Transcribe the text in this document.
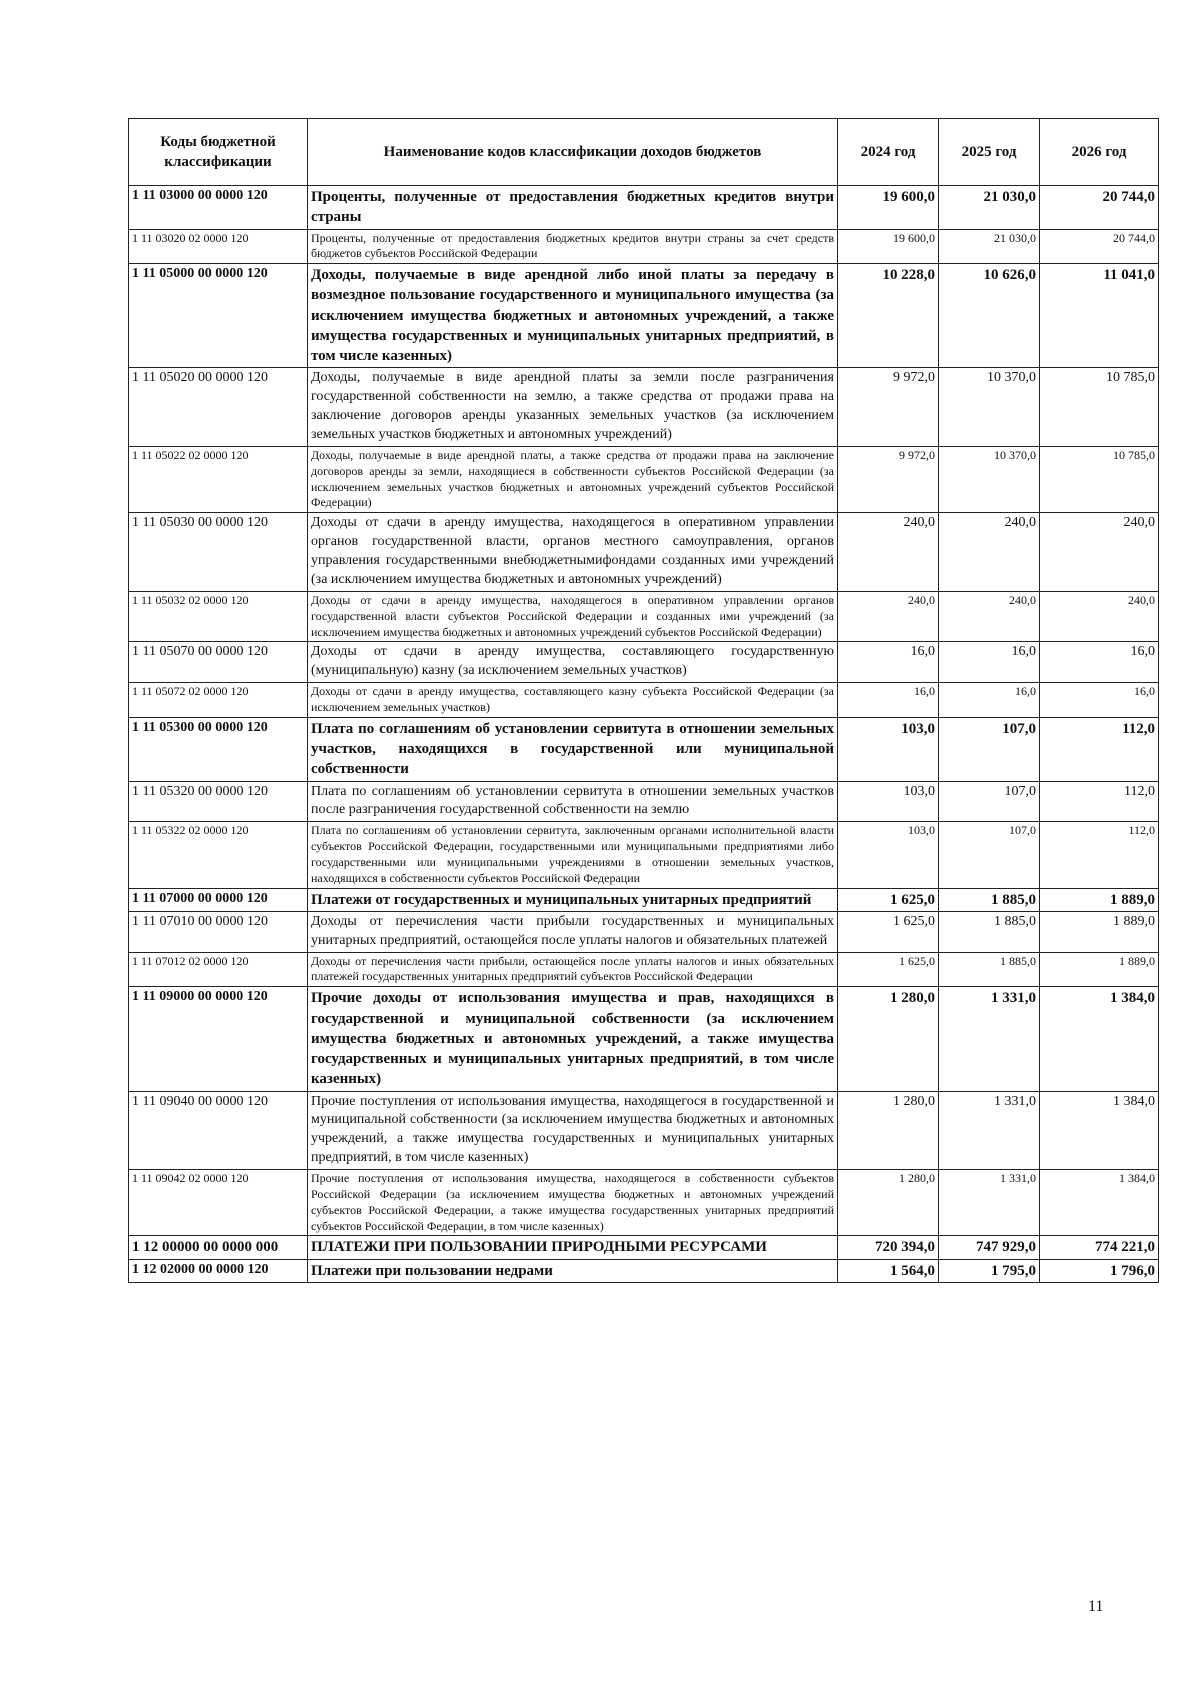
Коды бюджетной классификации	Наименование кодов классификации доходов бюджетов	2024 год	2025 год	2026 год
1 11 03000 00 0000 120	Проценты, полученные от предоставления бюджетных кредитов внутри страны	19 600,0	21 030,0	20 744,0
1 11 03020 02 0000 120	Проценты, полученные от предоставления бюджетных кредитов внутри страны за счет средств бюджетов субъектов Российской Федерации	19 600,0	21 030,0	20 744,0
1 11 05000 00 0000 120	Доходы, получаемые в виде арендной либо иной платы за передачу в возмездное пользование государственного и муниципального имущества (за исключением имущества бюджетных и автономных учреждений, а также имущества государственных и муниципальных унитарных предприятий, в том числе казенных)	10 228,0	10 626,0	11 041,0
1 11 05020 00 0000 120	Доходы, получаемые в виде арендной платы за земли после разграничения государственной собственности на землю, а также средства от продажи права на заключение договоров аренды указанных земельных участков (за исключением земельных участков бюджетных и автономных учреждений)	9 972,0	10 370,0	10 785,0
1 11 05022 02 0000 120	Доходы, получаемые в виде арендной платы, а также средства от продажи права на заключение договоров аренды за земли, находящиеся в собственности субъектов Российской Федерации (за исключением земельных участков бюджетных и автономных учреждений субъектов Российской Федерации)	9 972,0	10 370,0	10 785,0
1 11 05030 00 0000 120	Доходы от сдачи в аренду имущества, находящегося в оперативном управлении органов государственной власти, органов местного самоуправления, органов управления государственными внебюджетнымифондами созданных ими учреждений (за исключением имущества бюджетных и автономных учреждений)	240,0	240,0	240,0
1 11 05032 02 0000 120	Доходы от сдачи в аренду имущества, находящегося в оперативном управлении органов государственной власти субъектов Российской Федерации и созданных ими учреждений (за исключением имущества бюджетных и автономных учреждений субъектов Российской Федерации)	240,0	240,0	240,0
1 11 05070 00 0000 120	Доходы от сдачи в аренду имущества, составляющего государственную (муниципальную) казну (за исключением земельных участков)	16,0	16,0	16,0
1 11 05072 02 0000 120	Доходы от сдачи в аренду имущества, составляющего казну субъекта Российской Федерации (за исключением земельных участков)	16,0	16,0	16,0
1 11 05300 00 0000 120	Плата по соглашениям об установлении сервитута в отношении земельных участков, находящихся в государственной или муниципальной собственности	103,0	107,0	112,0
1 11 05320 00 0000 120	Плата по соглашениям об установлении сервитута в отношении земельных участков после разграничения государственной собственности на землю	103,0	107,0	112,0
1 11 05322 02 0000 120	Плата по соглашениям об установлении сервитута, заключенным органами исполнительной власти субъектов Российской Федерации, государственными или муниципальными предприятиями либо государственными или муниципальными учреждениями в отношении земельных участков, находящихся в собственности субъектов Российской Федерации	103,0	107,0	112,0
1 11 07000 00 0000 120	Платежи от государственных и муниципальных унитарных предприятий	1 625,0	1 885,0	1 889,0
1 11 07010 00 0000 120	Доходы от перечисления части прибыли государственных и муниципальных унитарных предприятий, остающейся после уплаты налогов и обязательных платежей	1 625,0	1 885,0	1 889,0
1 11 07012 02 0000 120	Доходы от перечисления части прибыли, остающейся после уплаты налогов и иных обязательных платежей государственных унитарных предприятий субъектов Российской Федерации	1 625,0	1 885,0	1 889,0
1 11 09000 00 0000 120	Прочие доходы от использования имущества и прав, находящихся в государственной и муниципальной собственности (за исключением имущества бюджетных и автономных учреждений, а также имущества государственных и муниципальных унитарных предприятий, в том числе казенных)	1 280,0	1 331,0	1 384,0
1 11 09040 00 0000 120	Прочие поступления от использования имущества, находящегося в государственной и муниципальной собственности (за исключением имущества бюджетных и автономных учреждений, а также имущества государственных и муниципальных унитарных предприятий, в том числе казенных)	1 280,0	1 331,0	1 384,0
1 11 09042 02 0000 120	Прочие поступления от использования имущества, находящегося в собственности субъектов Российской Федерации (за исключением имущества бюджетных и автономных учреждений субъектов Российской Федерации, а также имущества государственных унитарных предприятий субъектов Российской Федерации, в том числе казенных)	1 280,0	1 331,0	1 384,0
1 12 00000 00 0000 000	ПЛАТЕЖИ ПРИ ПОЛЬЗОВАНИИ ПРИРОДНЫМИ РЕСУРСАМИ	720 394,0	747 929,0	774 221,0
1 12 02000 00 0000 120	Платежи при пользовании недрами	1 564,0	1 795,0	1 796,0
11
